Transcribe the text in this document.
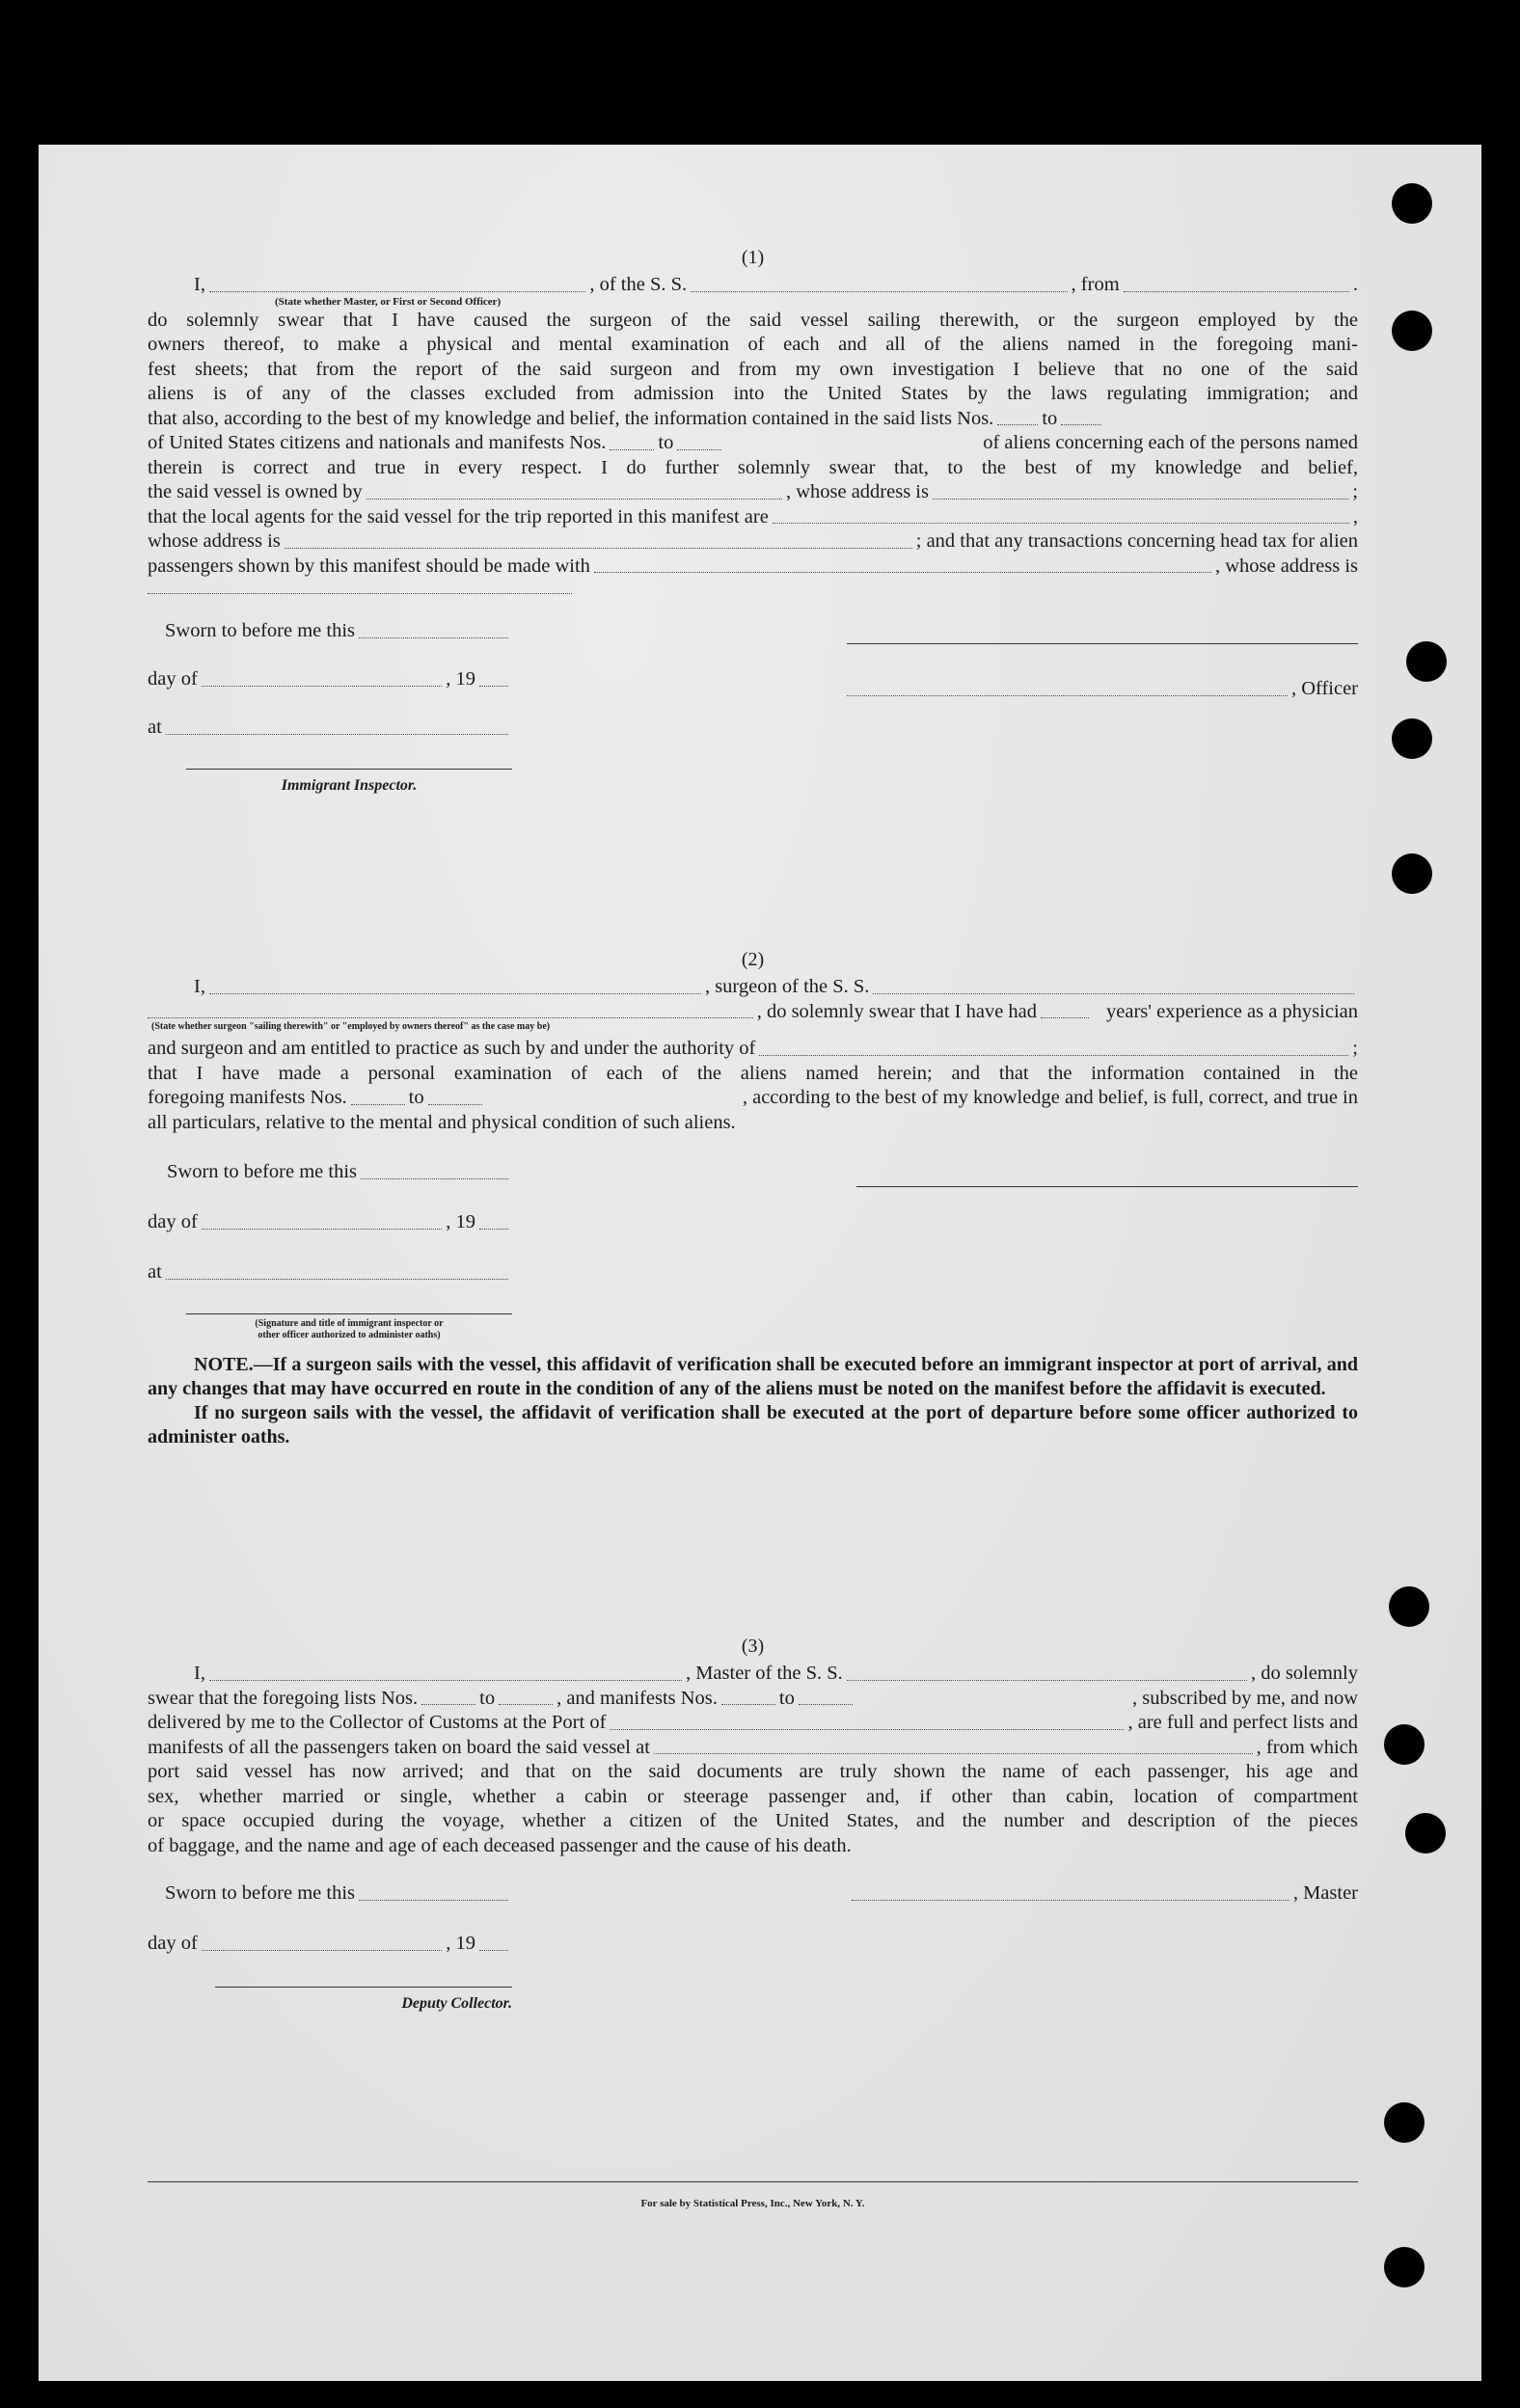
(1)
I,	, of the S. S.	, from	.
(State whether Master, or First or Second Officer)
do solemnly swear that I have caused the surgeon of the said vessel sailing therewith, or the surgeon employed by the
owners thereof, to make a physical and mental examination of each and all of the aliens named in the foregoing mani-
fest sheets; that from the report of the said surgeon and from my own investigation I believe that no one of the said
aliens is of any of the classes excluded from admission into the United States by the laws regulating immigration; and
that also, according to the best of my knowledge and belief, the information contained in the said lists Nos. to
of United States citizens and nationals and manifests Nos.	to	of aliens concerning each of the persons named
therein is correct and true in every respect. I do further solemnly swear that, to the best of my knowledge and belief,
the said vessel is owned by	, whose address is	;
that the local agents for the said vessel for the trip reported in this manifest are	,
whose address is	; and that any transactions concerning head tax for alien
passengers shown by this manifest should be made with	, whose address is
Sworn to before me this
day of	, 19
at
Immigrant Inspector.
, Officer
(2)
I,	, surgeon of the S. S.
, do solemnly swear that I have had	years' experience as a physician
(State whether surgeon "sailing therewith" or "employed by owners thereof" as the case may be)
and surgeon and am entitled to practice as such by and under the authority of	;
that I have made a personal examination of each of the aliens named herein; and that the information contained in the
foregoing manifests Nos.	to	, according to the best of my knowledge and belief, is full, correct, and true in
all particulars, relative to the mental and physical condition of such aliens.
Sworn to before me this
day of	, 19
at
(Signature and title of immigrant inspector or
other officer authorized to administer oaths)
NOTE.—If a surgeon sails with the vessel, this affidavit of verification shall be executed before an immigrant inspector at port of arrival, and any changes that may have occurred en route in the condition of any of the aliens must be noted on the manifest before the affidavit is executed.
If no surgeon sails with the vessel, the affidavit of verification shall be executed at the port of departure before some officer authorized to administer oaths.
(3)
I,	, Master of the S. S.	, do solemnly
swear that the foregoing lists Nos.	to	, and manifests Nos.	to	, subscribed by me, and now
delivered by me to the Collector of Customs at the Port of	, are full and perfect lists and
manifests of all the passengers taken on board the said vessel at	, from which
port said vessel has now arrived; and that on the said documents are truly shown the name of each passenger, his age and
sex, whether married or single, whether a cabin or steerage passenger and, if other than cabin, location of compartment
or space occupied during the voyage, whether a citizen of the United States, and the number and description of the pieces
of baggage, and the name and age of each deceased passenger and the cause of his death.
Sworn to before me this
day of	, 19
Deputy Collector.
, Master
For sale by Statistical Press, Inc., New York, N. Y.
